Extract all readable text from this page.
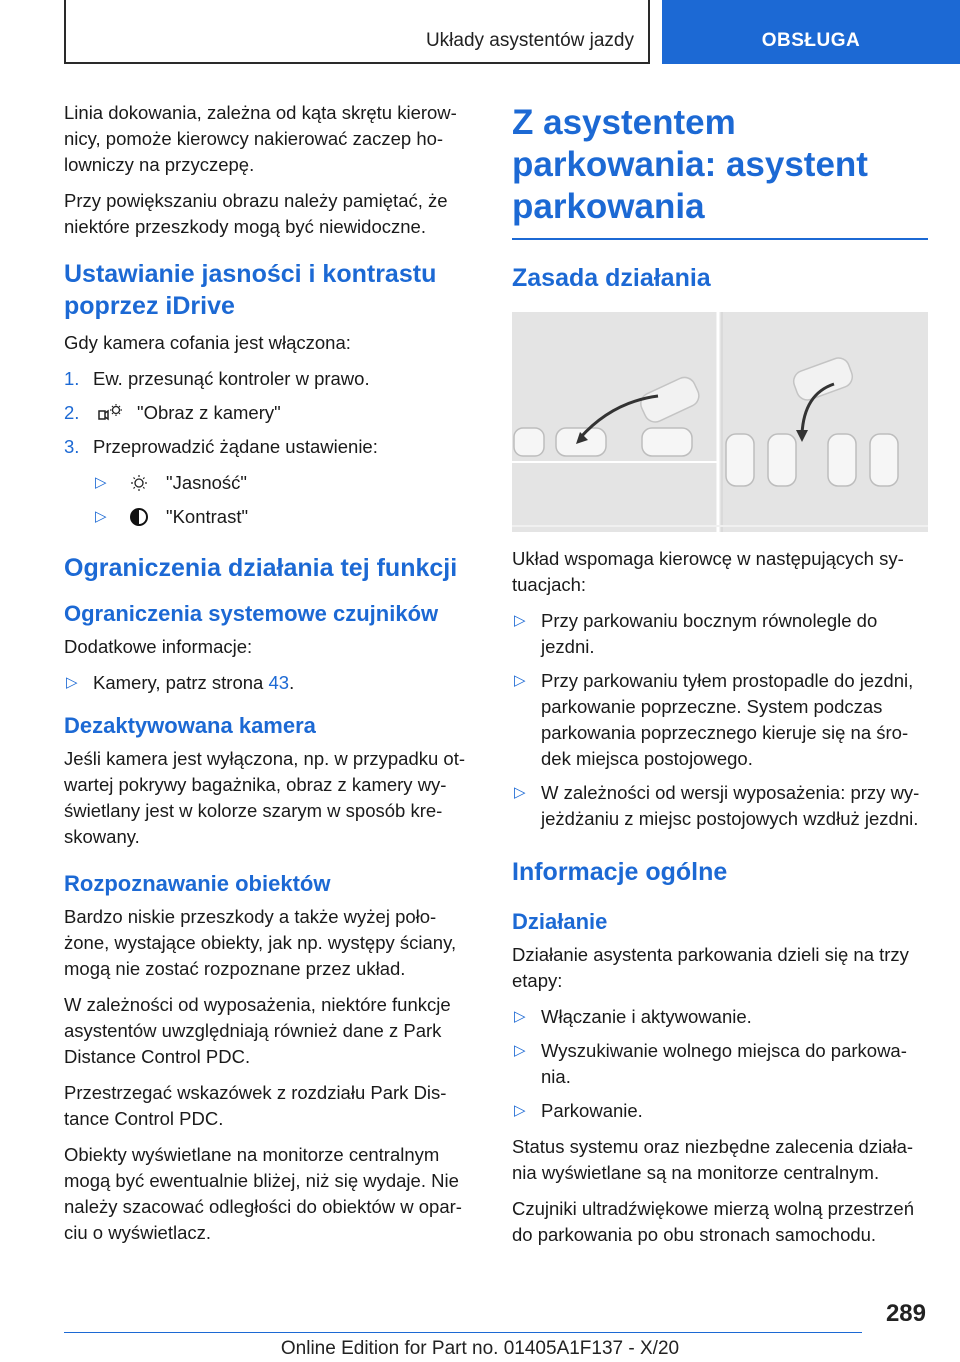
Układy asystentów jazdy	OBSŁUGA

Linia dokowania, zależna od kąta skrętu kierow-nicy, pomoże kierowcy nakierować zaczep ho-lowniczy na przyczepę.

Przy powiększaniu obrazu należy pamiętać, że niektóre przeszkody mogą być niewidoczne.

Ustawianie jasności i kontrastu poprzez iDrive

Gdy kamera cofania jest włączona:

1. Ew. przesunąć kontroler w prawo.
2.	"Obraz z kamery"
3. Przeprowadzić żądane ustawienie:
▷	"Jasność"
▷	"Kontrast"
Ograniczenia działania tej funkcji
Ograniczenia systemowe czujników

Dodatkowe informacje:

▷ Kamery, patrz strona 43.
Dezaktywowana kamera

Jeśli kamera jest wyłączona, np. w przypadku ot-wartej pokrywy bagażnika, obraz z kamery wy-świetlany jest w kolorze szarym w sposób kre-skowany.

Rozpoznawanie obiektów

Bardzo niskie przeszkody a także wyżej poło-żone, wystające obiekty, jak np. występy ściany, mogą nie zostać rozpoznane przez układ.

W zależności od wyposażenia, niektóre funkcje asystentów uwzględniają również dane z Park Distance Control PDC.

Przestrzegać wskazówek z rozdziału Park Dis-tance Control PDC.

Obiekty wyświetlane na monitorze centralnym mogą być ewentualnie bliżej, niż się wydaje. Nie należy szacować odległości do obiektów w opar-ciu o wyświetlacz.

Z asystentem parkowania: asystent parkowania
Zasada działania

Układ wspomaga kierowcę w następujących sy-tuacjach:

▷ Przy parkowaniu bocznym równolegle do jezdni.
▷ Przy parkowaniu tyłem prostopadle do jezdni, parkowanie poprzeczne. System podczas parkowania poprzecznego kieruje się na śro-dek miejsca postojowego.
▷ W zależności od wersji wyposażenia: przy wy-jeżdżaniu z miejsc postojowych wzdłuż jezdni.
Informacje ogólne
Działanie

Działanie asystenta parkowania dzieli się na trzy etapy:

▷ Włączanie i aktywowanie.
▷ Wyszukiwanie wolnego miejsca do parkowa-nia.
▷ Parkowanie.

Status systemu oraz niezbędne zalecenia działa-nia wyświetlane są na monitorze centralnym.

Czujniki ultradźwiękowe mierzą wolną przestrzeń do parkowania po obu stronach samochodu.

289
Online Edition for Part no. 01405A1F137 - X/20
